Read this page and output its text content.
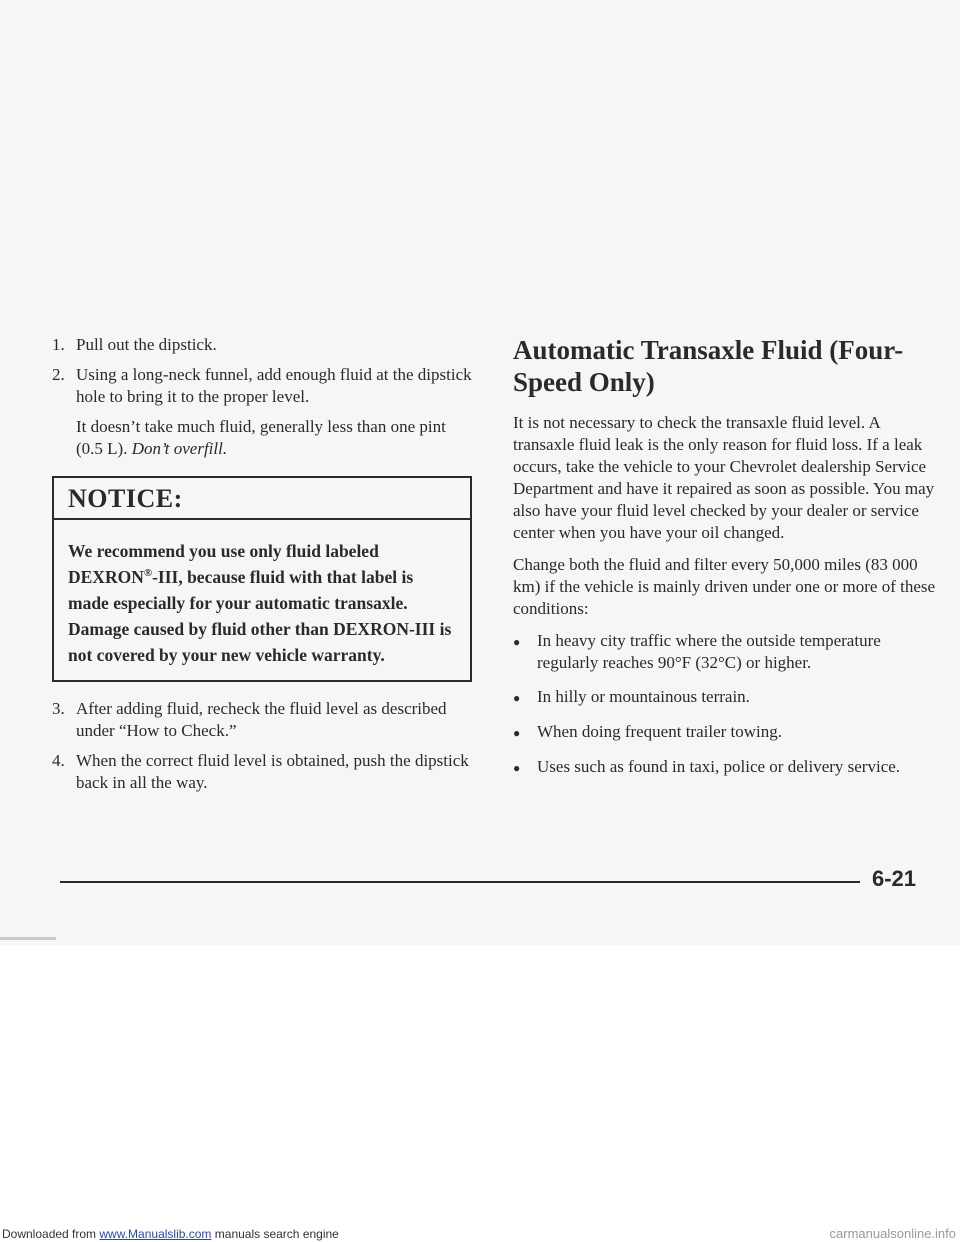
1. Pull out the dipstick.
2. Using a long-neck funnel, add enough fluid at the dipstick hole to bring it to the proper level.
It doesn’t take much fluid, generally less than one pint (0.5 L). Don’t overfill.
NOTICE:
We recommend you use only fluid labeled DEXRON®-III, because fluid with that label is made especially for your automatic transaxle. Damage caused by fluid other than DEXRON-III is not covered by your new vehicle warranty.
3. After adding fluid, recheck the fluid level as described under “How to Check.”
4. When the correct fluid level is obtained, push the dipstick back in all the way.
Automatic Transaxle Fluid (Four-Speed Only)
It is not necessary to check the transaxle fluid level. A transaxle fluid leak is the only reason for fluid loss. If a leak occurs, take the vehicle to your Chevrolet dealership Service Department and have it repaired as soon as possible. You may also have your fluid level checked by your dealer or service center when you have your oil changed.
Change both the fluid and filter every 50,000 miles (83 000 km) if the vehicle is mainly driven under one or more of these conditions:
● In heavy city traffic where the outside temperature regularly reaches 90°F (32°C) or higher.
● In hilly or mountainous terrain.
● When doing frequent trailer towing.
● Uses such as found in taxi, police or delivery service.
6-21
Downloaded from www.Manualslib.com manuals search engine	carmanualsonline.info
